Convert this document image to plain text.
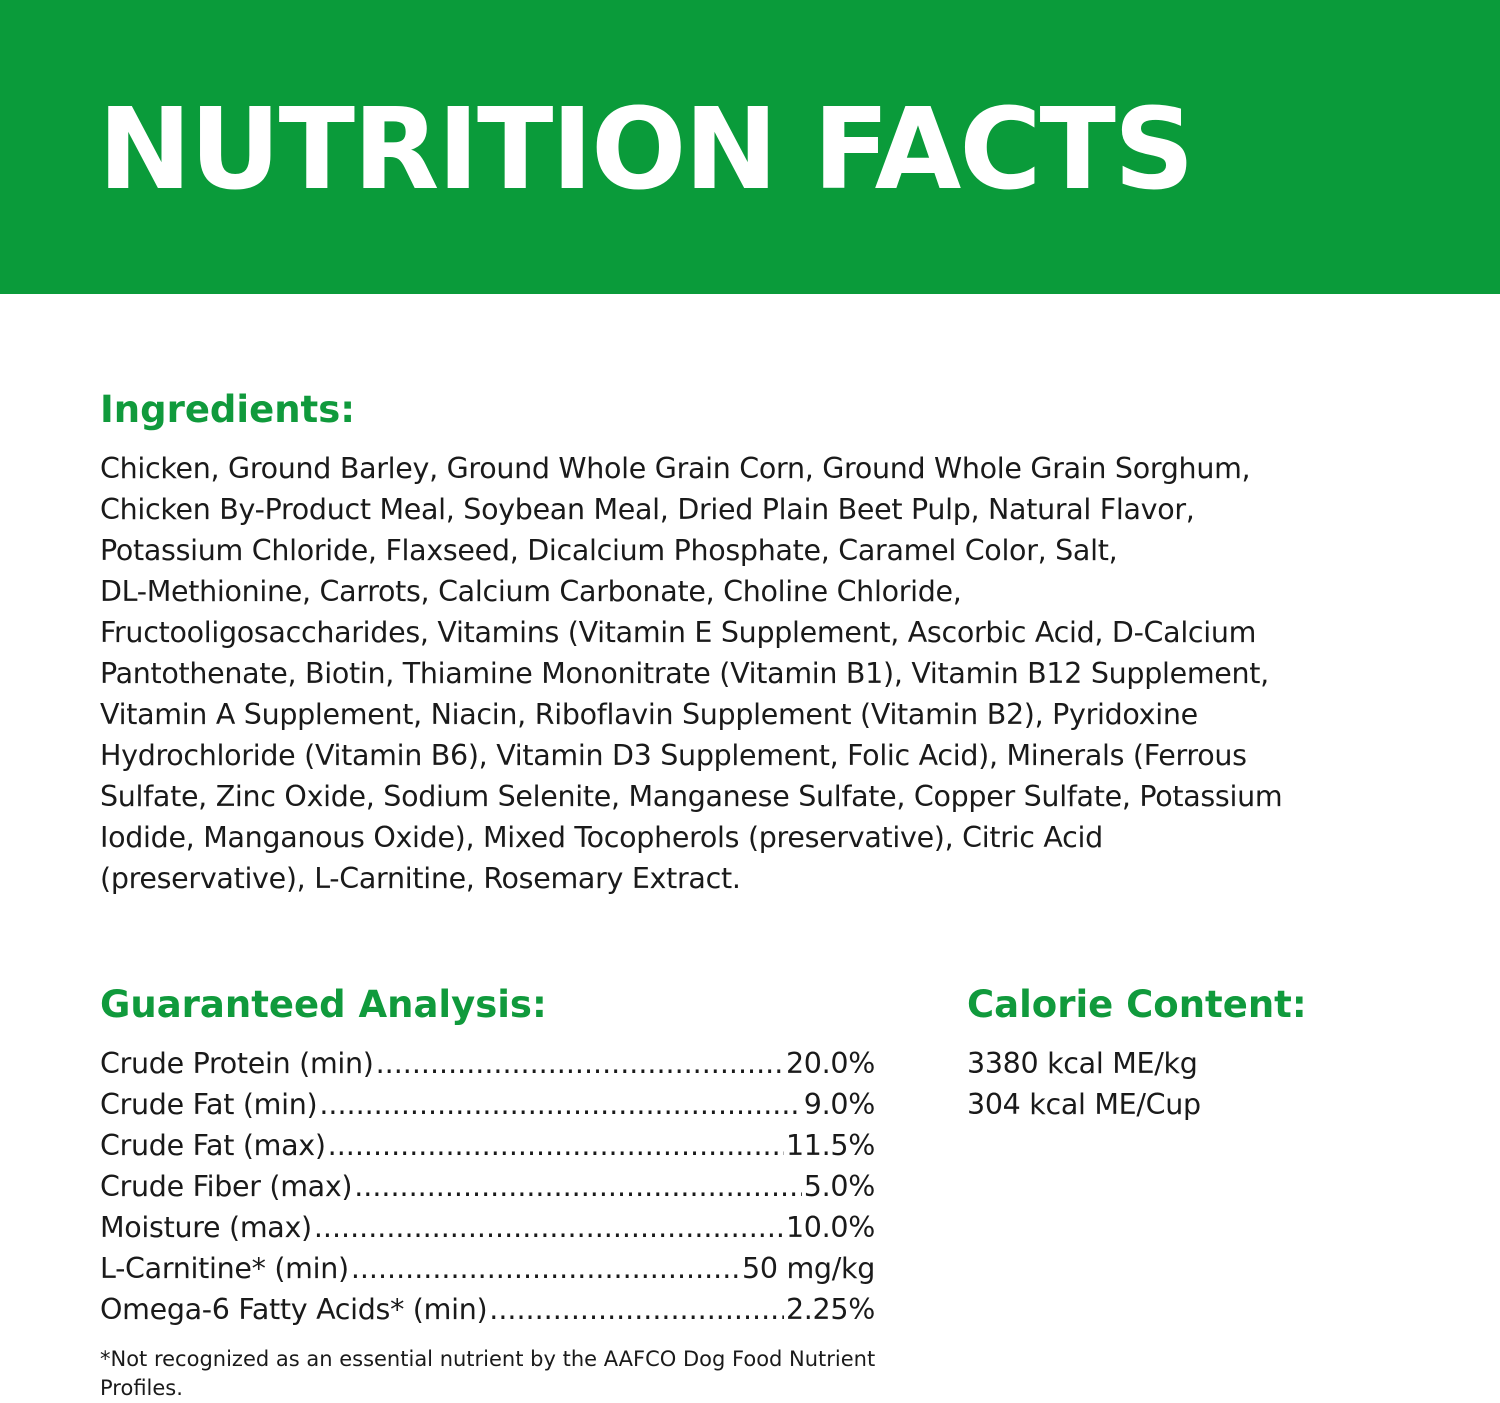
NUTRITION FACTS
Ingredients:

Chicken, Ground Barley, Ground Whole Grain Corn, Ground Whole Grain Sorghum,
Chicken By-Product Meal, Soybean Meal, Dried Plain Beet Pulp, Natural Flavor,
Potassium Chloride, Flaxseed, Dicalcium Phosphate, Caramel Color, Salt,
DL-Methionine, Carrots, Calcium Carbonate, Choline Chloride,
Fructooligosaccharides, Vitamins (Vitamin E Supplement, Ascorbic Acid, D-Calcium
Pantothenate, Biotin, Thiamine Mononitrate (Vitamin B1), Vitamin B12 Supplement,
Vitamin A Supplement, Niacin, Riboflavin Supplement (Vitamin B2), Pyridoxine
Hydrochloride (Vitamin B6), Vitamin D3 Supplement, Folic Acid), Minerals (Ferrous
Sulfate, Zinc Oxide, Sodium Selenite, Manganese Sulfate, Copper Sulfate, Potassium
Iodide, Manganous Oxide), Mixed Tocopherols (preservative), Citric Acid
(preservative), L-Carnitine, Rosemary Extract.

Guaranteed Analysis:
Crude Protein (min) .....	20.0%
Crude Fat (min) .....	9.0%
Crude Fat (max) .....	11.5%
Crude Fiber (max) .....	5.0%
Moisture (max) .....	10.0%
L-Carnitine* (min) .....	50 mg/kg
Omega-6 Fatty Acids* (min) .....	2.25%

*Not recognized as an essential nutrient by the AAFCO Dog Food Nutrient Profiles.

Calorie Content:
3380 kcal ME/kg
304 kcal ME/Cup
